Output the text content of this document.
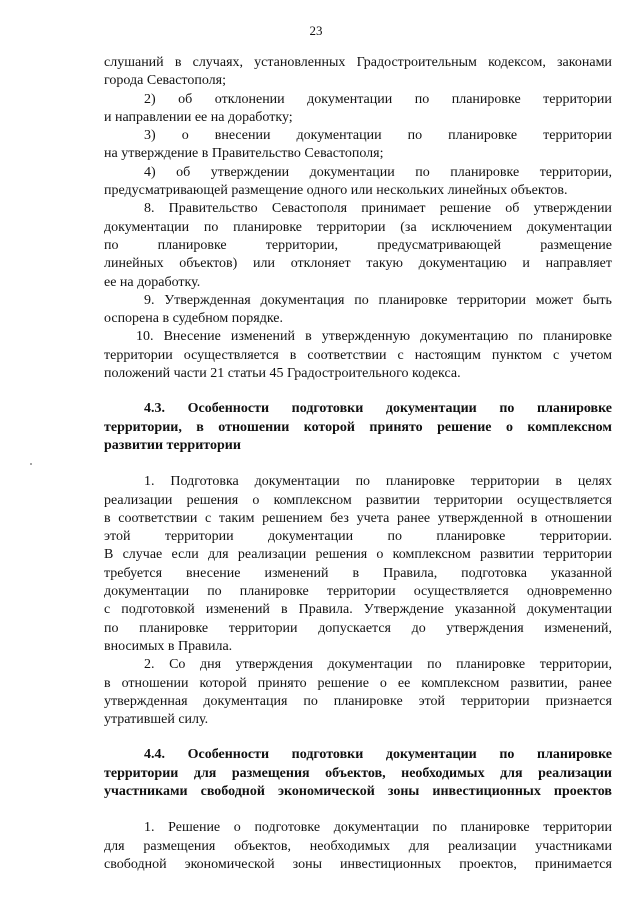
23
слушаний в случаях, установленных Градостроительным кодексом, законами
города Севастополя;
2) об отклонении документации по планировке территории
и направлении ее на доработку;
3) о внесении документации по планировке территории
на утверждение в Правительство Севастополя;
4) об утверждении документации по планировке территории,
предусматривающей размещение одного или нескольких линейных объектов.
8. Правительство Севастополя принимает решение об утверждении
документации по планировке территории (за исключением документации
по	планировке	территории,	предусматривающей	размещение
линейных объектов) или отклоняет такую документацию и направляет
ее на доработку.
9. Утвержденная документация по планировке территории может быть
оспорена в судебном порядке.
10. Внесение изменений в утвержденную документацию по планировке
территории осуществляется в соответствии с настоящим пунктом с учетом
положений части 21 статьи 45 Градостроительного кодекса.
4.3. Особенности подготовки документации по планировке
территории, в отношении которой принято решение о комплексном
развитии территории
1. Подготовка документации по планировке территории в целях
реализации решения о комплексном развитии территории осуществляется
в соответствии с таким решением без учета ранее утвержденной в отношении
этой территории документации по планировке территории.
В случае если для реализации решения о комплексном развитии территории
требуется внесение изменений в Правила, подготовка указанной
документации по планировке территории осуществляется одновременно
с подготовкой изменений в Правила. Утверждение указанной документации
по планировке территории допускается до утверждения изменений,
вносимых в Правила.
2. Со дня утверждения документации по планировке территории,
в отношении которой принято решение о ее комплексном развитии, ранее
утвержденная документация по планировке этой территории признается
утратившей силу.
4.4. Особенности подготовки документации по планировке
территории для размещения объектов, необходимых для реализации
участниками свободной экономической зоны инвестиционных проектов
1. Решение о подготовке документации по планировке территории
для размещения объектов, необходимых для реализации участниками
свободной экономической зоны инвестиционных проектов, принимается
